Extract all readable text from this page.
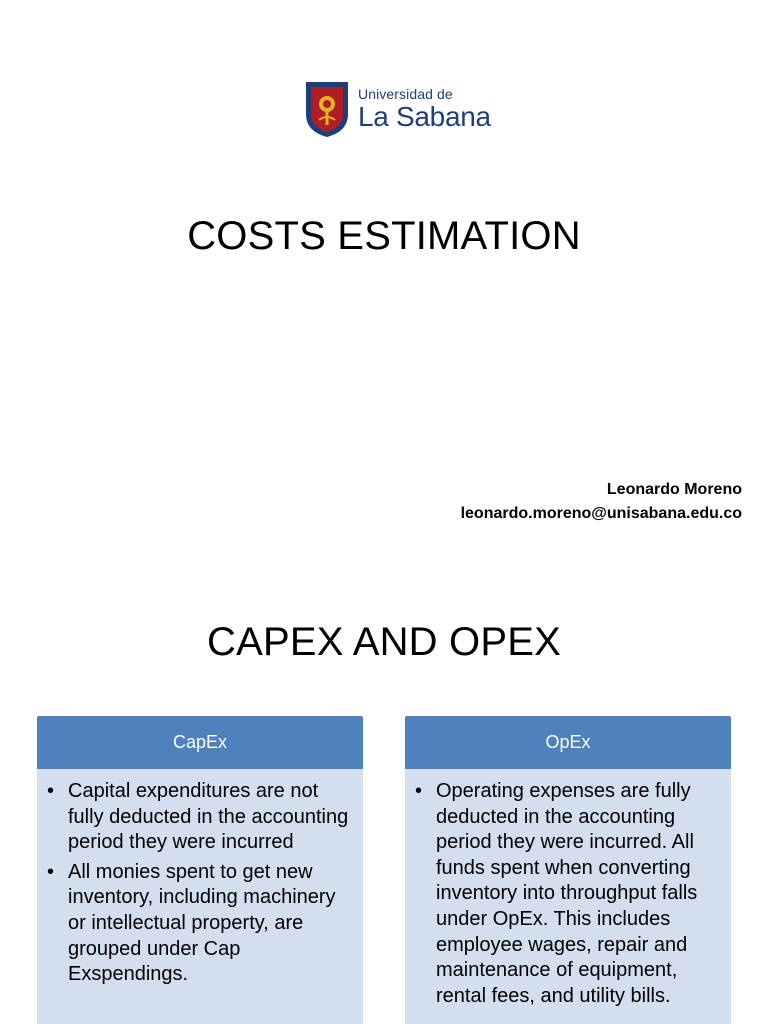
Universidad de
La Sabana
COSTS ESTIMATION
Leonardo Moreno
leonardo.moreno@unisabana.edu.co
CAPEX AND OPEX
CapEx
• Capital expenditures are not fully deducted in the accounting period they were incurred
• All monies spent to get new inventory, including machinery or intellectual property, are grouped under Cap Exspendings.
OpEx
• Operating expenses are fully deducted in the accounting period they were incurred. All funds spent when converting inventory into throughput falls under OpEx. This includes employee wages, repair and maintenance of equipment, rental fees, and utility bills.
